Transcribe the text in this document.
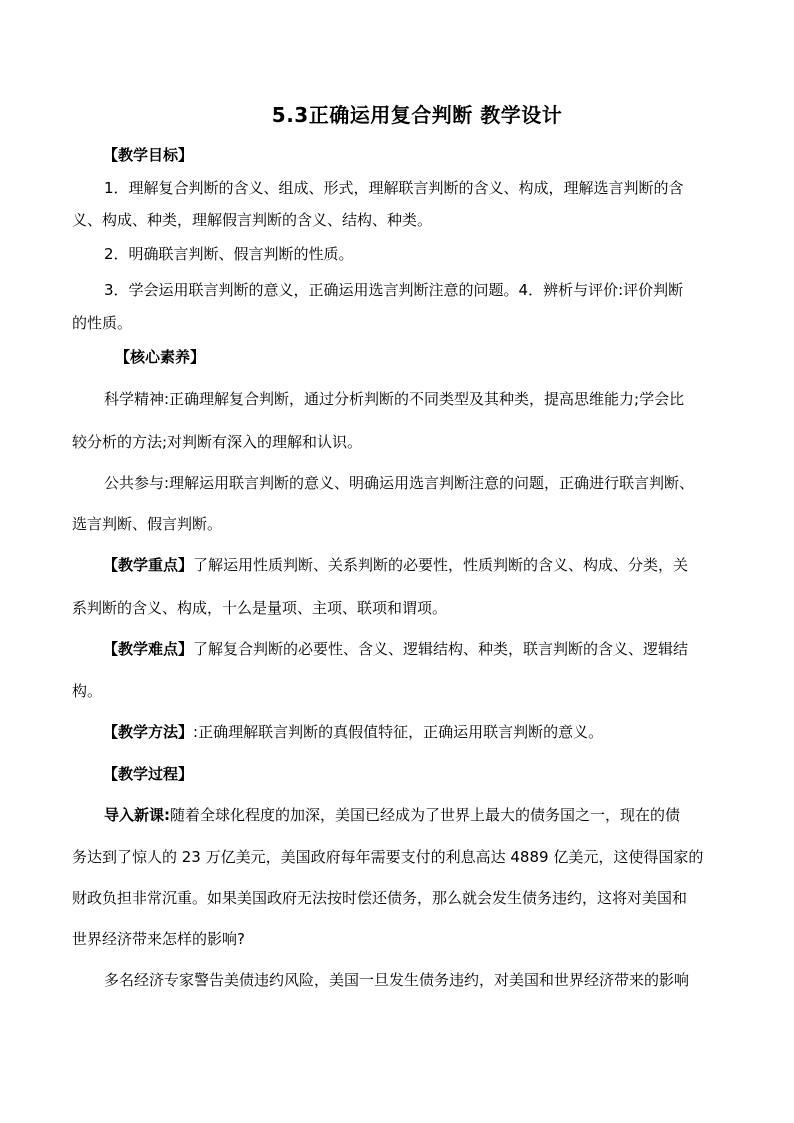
5.3正确运用复合判断 教学设计
【教学目标】
1．理解复合判断的含义、组成、形式，理解联言判断的含义、构成，理解选言判断的含
义、构成、种类，理解假言判断的含义、结构、种类。
2．明确联言判断、假言判断的性质。
3．学会运用联言判断的意义，正确运用选言判断注意的问题。4．辨析与评价:评价判断
的性质。
【核心素养】
科学精神:正确理解复合判断，通过分析判断的不同类型及其种类，提高思维能力;学会比
较分析的方法;对判断有深入的理解和认识。
公共参与:理解运用联言判断的意义、明确运用选言判断注意的问题，正确进行联言判断、
选言判断、假言判断。
【教学重点】了解运用性质判断、关系判断的必要性，性质判断的含义、构成、分类，关
系判断的含义、构成，十么是量项、主项、联项和谓项。
【教学难点】了解复合判断的必要性、含义、逻辑结构、种类，联言判断的含义、逻辑结
构。
【教学方法】:正确理解联言判断的真假值特征，正确运用联言判断的意义。
【教学过程】
导入新课:随着全球化程度的加深，美国已经成为了世界上最大的债务国之一，现在的债
务达到了惊人的 23 万亿美元，美国政府每年需要支付的利息高达 4889 亿美元，这使得国家的
财政负担非常沉重。如果美国政府无法按时偿还债务，那么就会发生债务违约，这将对美国和
世界经济带来怎样的影响?
多名经济专家警告美债违约风险，美国一旦发生债务违约，对美国和世界经济带来的影响
